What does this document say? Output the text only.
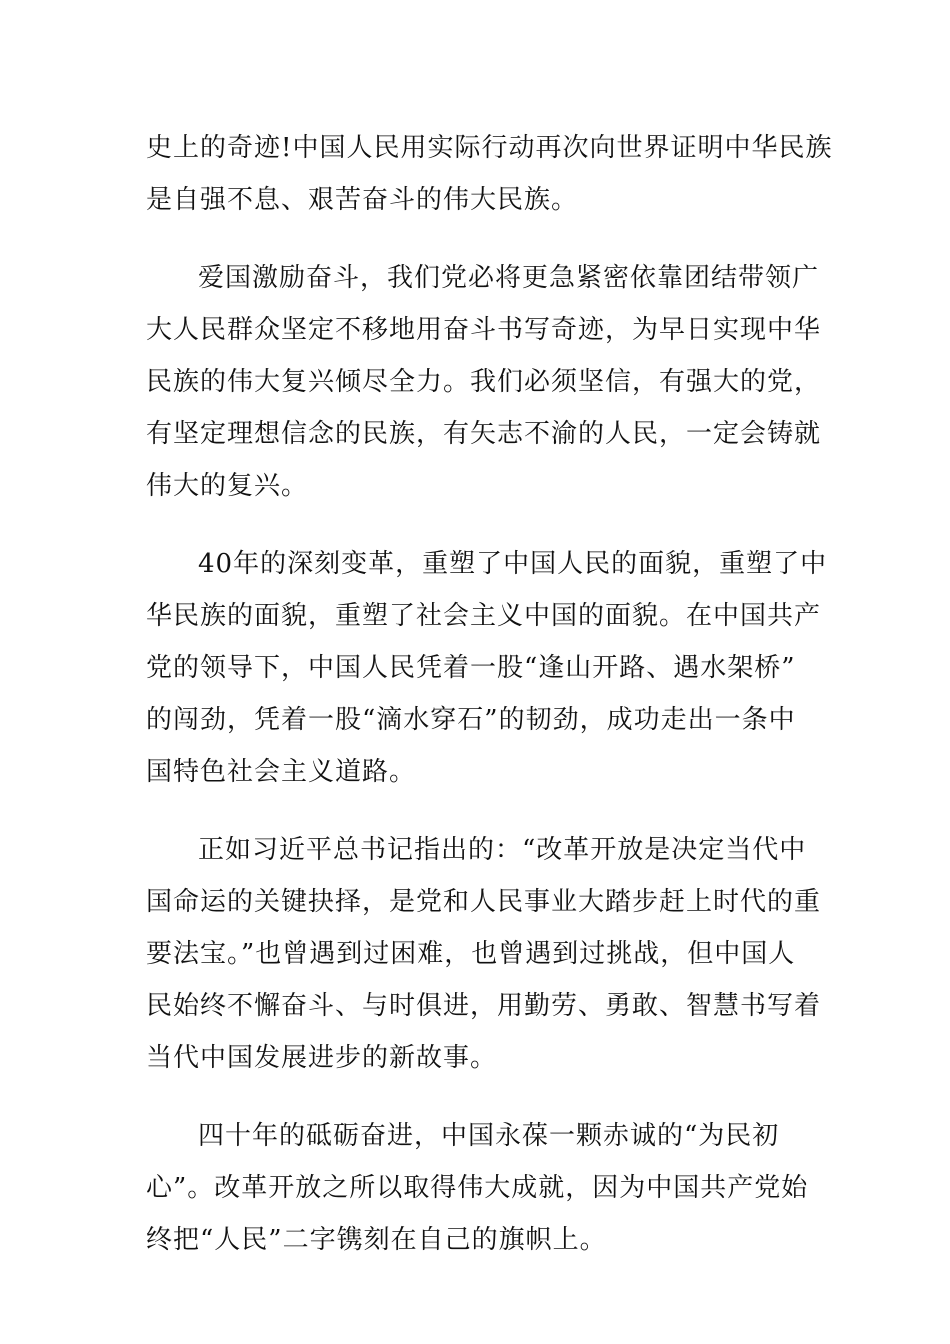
史上的奇迹!中国人民用实际行动再次向世界证明中华民族
是自强不息、艰苦奋斗的伟大民族。
爱国激励奋斗，我们党必将更急紧密依靠团结带领广
大人民群众坚定不移地用奋斗书写奇迹，为早日实现中华
民族的伟大复兴倾尽全力。我们必须坚信，有强大的党，
有坚定理想信念的民族，有矢志不渝的人民，一定会铸就
伟大的复兴。
40年的深刻变革，重塑了中国人民的面貌，重塑了中
华民族的面貌，重塑了社会主义中国的面貌。在中国共产
党的领导下，中国人民凭着一股“逢山开路、遇水架桥”
的闯劲，凭着一股“滴水穿石”的韧劲，成功走出一条中
国特色社会主义道路。
正如习近平总书记指出的：“改革开放是决定当代中
国命运的关键抉择，是党和人民事业大踏步赶上时代的重
要法宝。”也曾遇到过困难，也曾遇到过挑战，但中国人
民始终不懈奋斗、与时俱进，用勤劳、勇敢、智慧书写着
当代中国发展进步的新故事。
四十年的砥砺奋进，中国永葆一颗赤诚的“为民初
心”。改革开放之所以取得伟大成就，因为中国共产党始
终把“人民”二字镌刻在自己的旗帜上。
